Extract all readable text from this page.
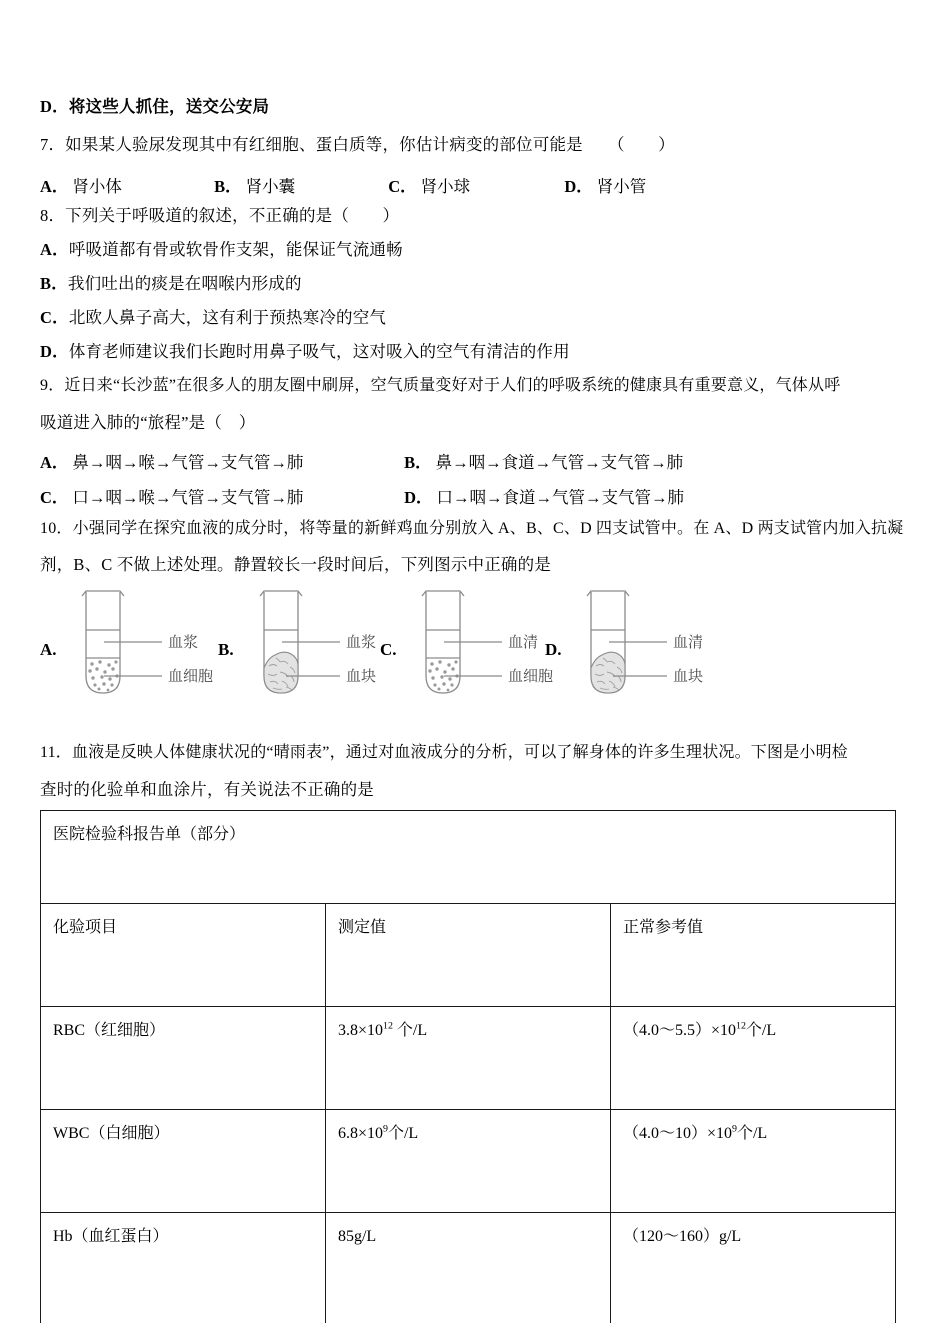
D．将这些人抓住，送交公安局
7．如果某人验尿发现其中有红细胞、蛋白质等，你估计病变的部位可能是　　（　　）
A． 肾小体	B． 肾小囊	C． 肾小球	D． 肾小管
8．下列关于呼吸道的叙述，不正确的是（　　）
A．呼吸道都有骨或软骨作支架，能保证气流通畅
B．我们吐出的痰是在咽喉内形成的
C．北欧人鼻子高大，这有利于预热寒冷的空气
D．体育老师建议我们长跑时用鼻子吸气，这对吸入的空气有清洁的作用
9．近日来“长沙蓝”在很多人的朋友圈中刷屏，空气质量变好对于人们的呼吸系统的健康具有重要意义，气体从呼
吸道进入肺的“旅程”是（　）
A． 鼻→咽→喉→气管→支气管→肺	B． 鼻→咽→食道→气管→支气管→肺
C． 口→咽→喉→气管→支气管→肺	D． 口→咽→食道→气管→支气管→肺
10．小强同学在探究血液的成分时，将等量的新鲜鸡血分别放入 A、B、C、D 四支试管中。在 A、D 两支试管内加入抗凝
剂，B、C 不做上述处理。静置较长一段时间后，下列图示中正确的是
A.	血浆
血细胞
B.	血浆
血块
C.	血清
血细胞
D.	血清
血块
11．血液是反映人体健康状况的“晴雨表”，通过对血液成分的分析，可以了解身体的许多生理状况。下图是小明检
查时的化验单和血涂片，有关说法不正确的是
医院检验科报告单（部分）		
化验项目	测定值	正常参考值
RBC（红细胞）	$3.8\times 10^{12}$ 个/L	（4.0〜$5.5)\times 10^{12}$个/L
WBC（白细胞）	$6.8\times 10^9$个/L	（4.0〜$10)\times 10^9$个/L
Hb（血红蛋白）	85g/L	（120〜160）g/L
